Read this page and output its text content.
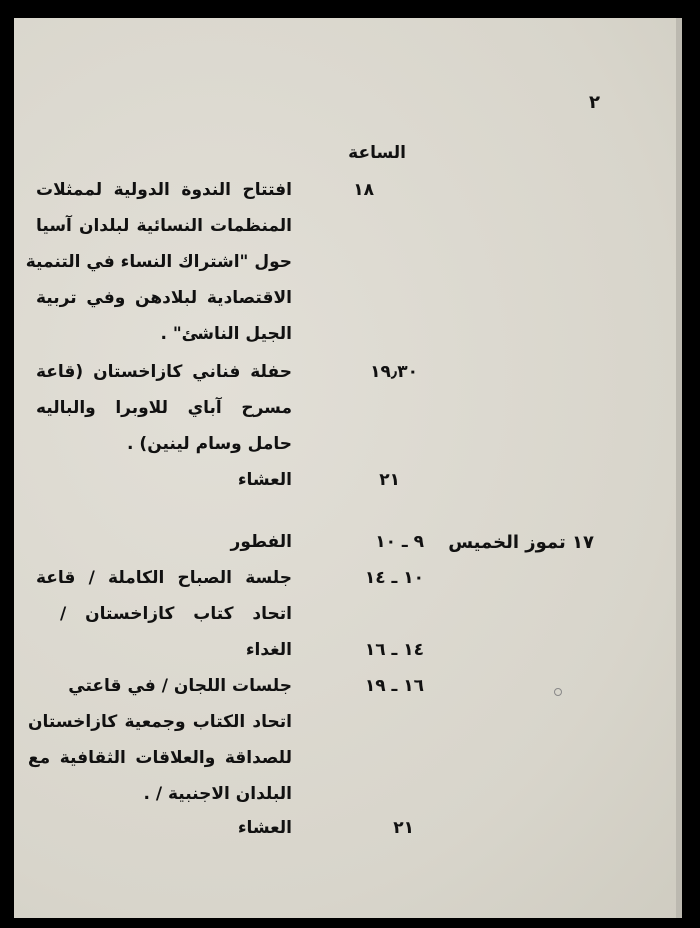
٢
الساعة
١٨
افتتاح الندوة الدولية لممثلات
المنظمات النسائية لبلدان آسيا
حول "اشتراك النساء في التنمية
الاقتصادية لبلادهن وفي تربية
الجيل الناشئ" .
١٩٫٣٠
حفلة فناني كازاخستان (قاعة
مسرح آباي للاوبرا والباليه
حامل وسام لينين) .
٢١
العشاء
١٧ تموز الخميس
٩ ـ ١٠
الفطور
١٠ ـ ١٤
جلسة الصباح الكاملة / قاعة
اتحاد كتاب كازاخستان /
١٤ ـ ١٦
الغداء
١٦ ـ ١٩
جلسات اللجان / في قاعتي
اتحاد الكتاب وجمعية كازاخستان
للصداقة والعلاقات الثقافية مع
البلدان الاجنبية / .
٢١
العشاء
